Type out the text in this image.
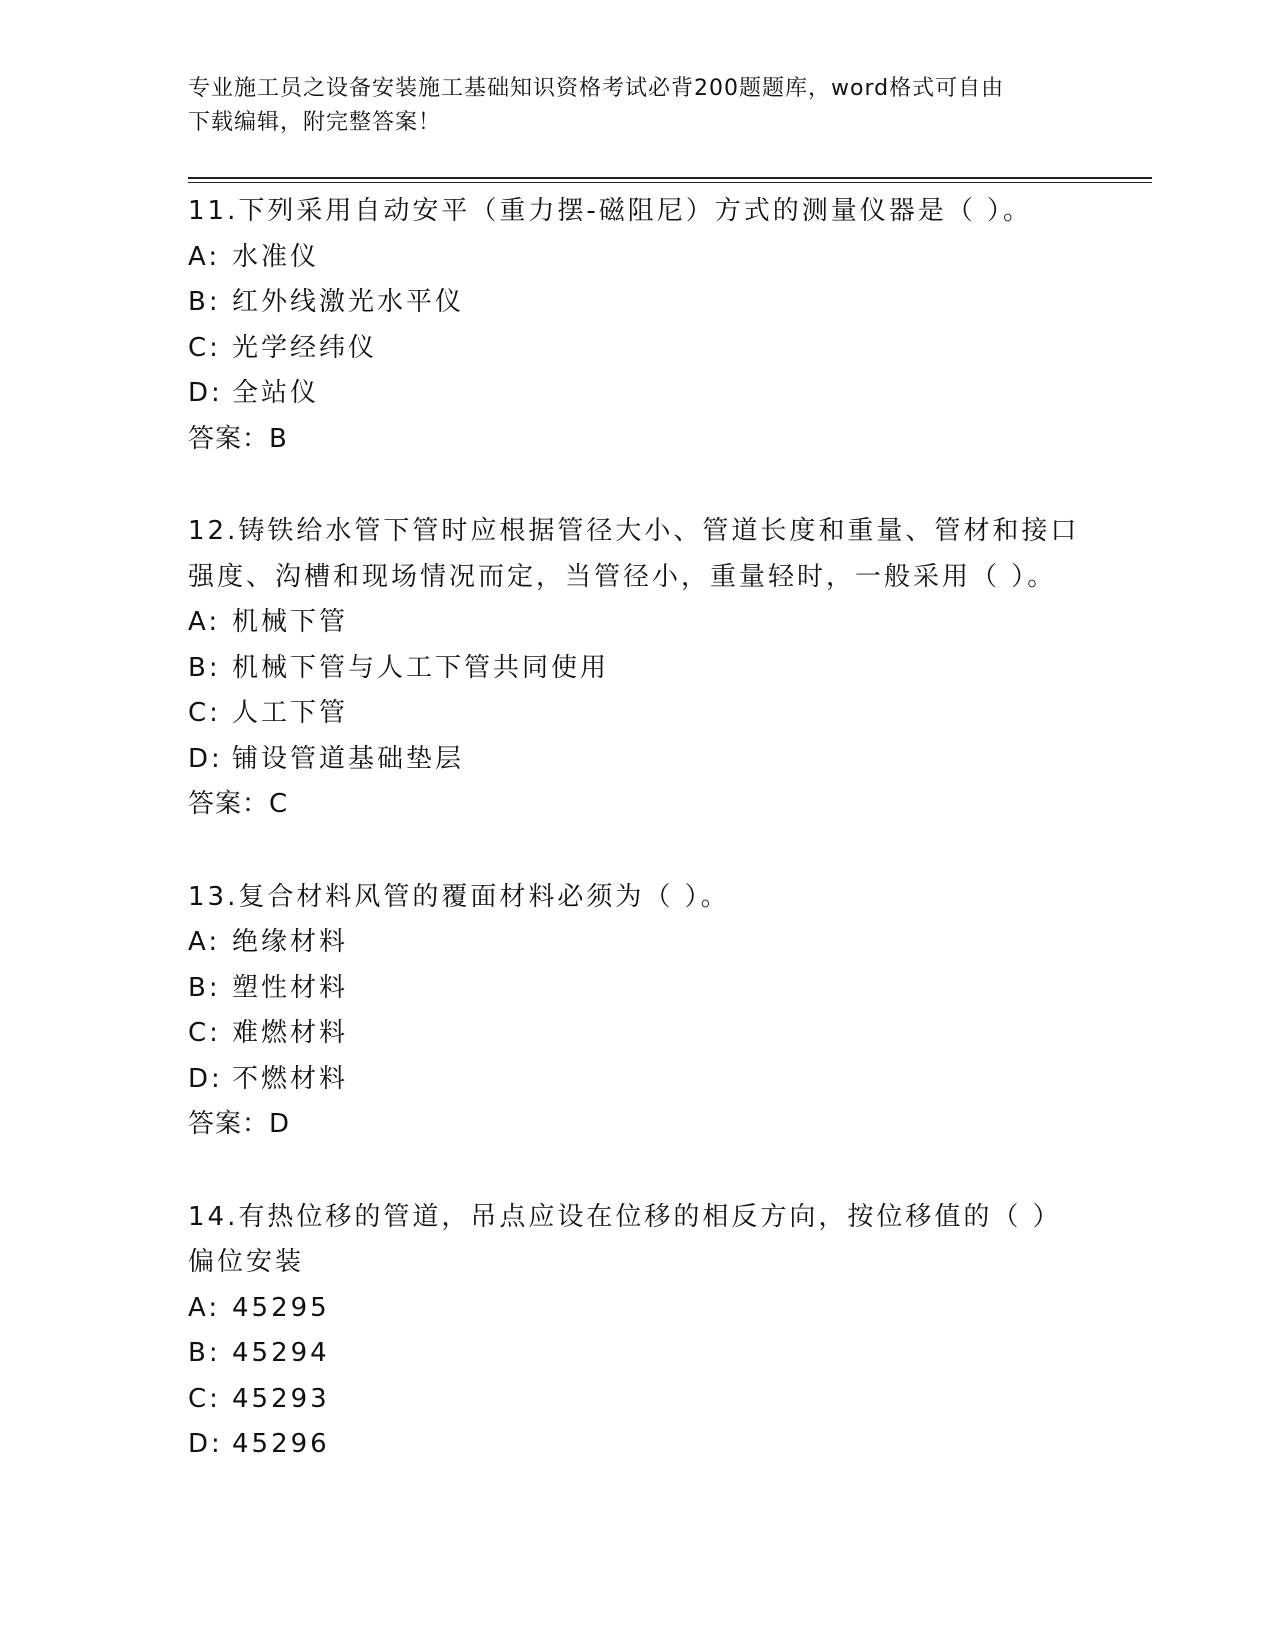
专业施工员之设备安装施工基础知识资格考试必背200题题库，word格式可自由
下载编辑，附完整答案！
11.下列采用自动安平（重力摆-磁阻尼）方式的测量仪器是（ ）。
A: 水准仪
B: 红外线激光水平仪
C: 光学经纬仪
D: 全站仪
答案：B
12.铸铁给水管下管时应根据管径大小、管道长度和重量、管材和接口
强度、沟槽和现场情况而定，当管径小，重量轻时，一般采用（ ）。
A: 机械下管
B: 机械下管与人工下管共同使用
C: 人工下管
D: 铺设管道基础垫层
答案：C
13.复合材料风管的覆面材料必须为（ ）。
A: 绝缘材料
B: 塑性材料
C: 难燃材料
D: 不燃材料
答案：D
14.有热位移的管道，吊点应设在位移的相反方向，按位移值的（ ）
偏位安装
A: 45295
B: 45294
C: 45293
D: 45296
